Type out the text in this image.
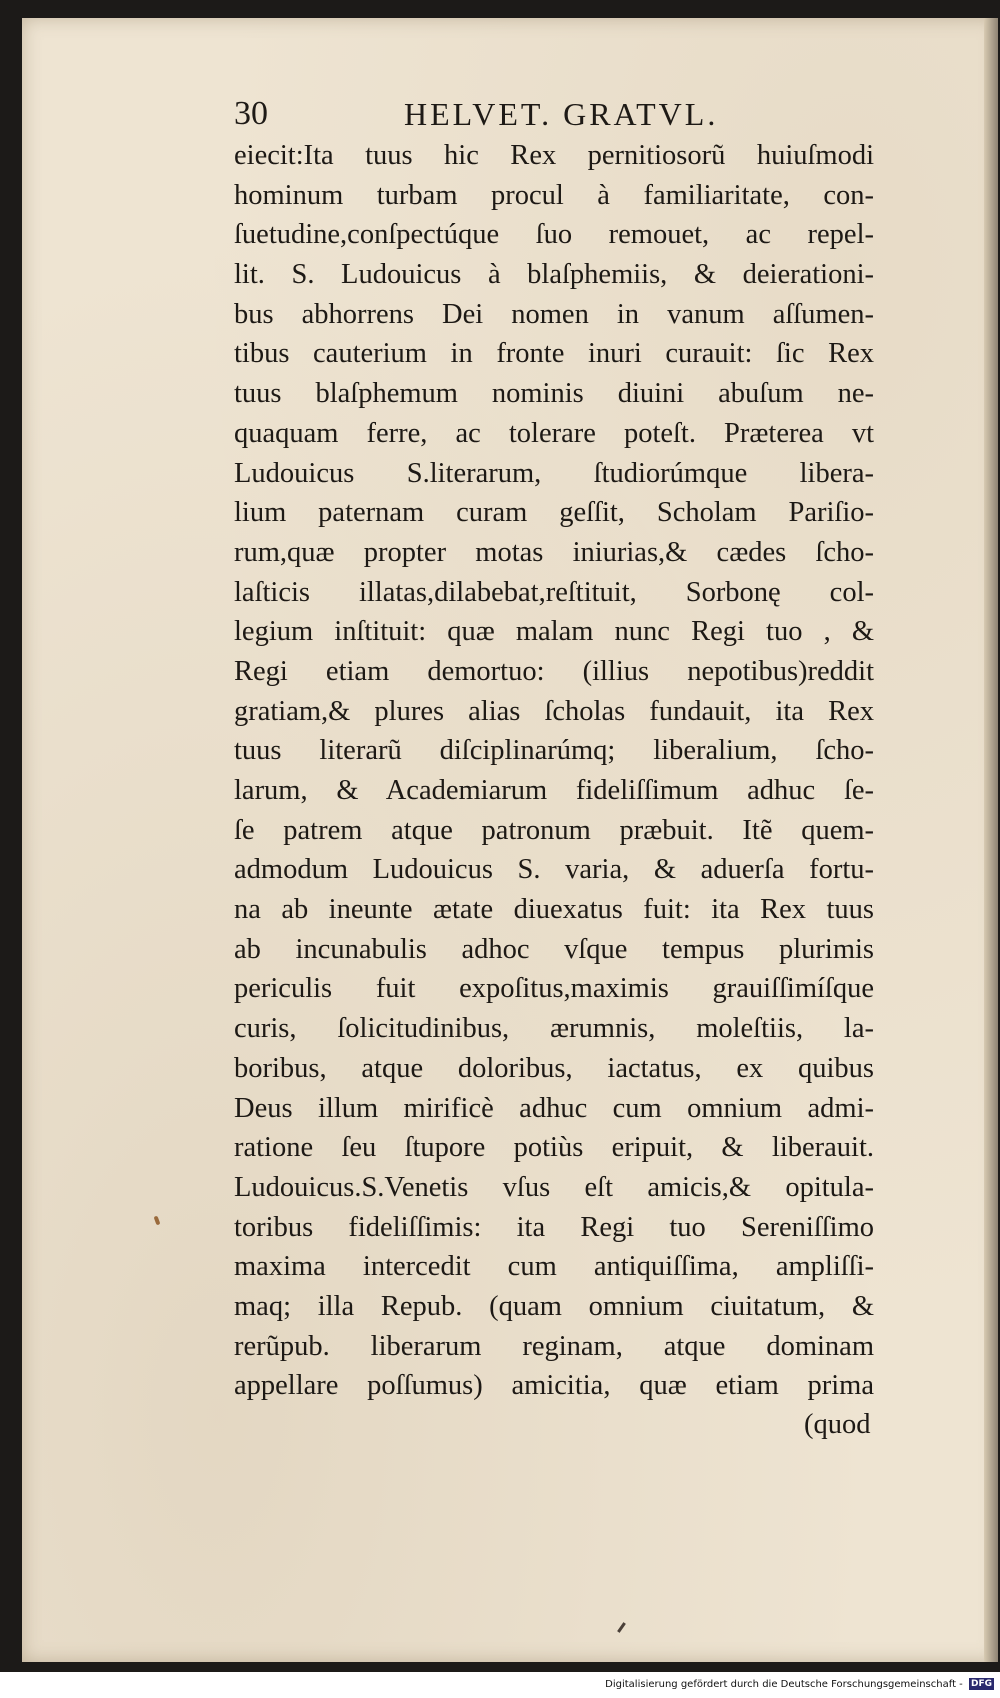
30	HELVET. GRATVL.
eiecit:Ita tuus hic Rex pernitiosorũ huiuſmodi
hominum turbam procul à familiaritate, con-
ſuetudine,conſpectúque ſuo remouet, ac repel-
lit. S. Ludouicus à blaſphemiis, & deierationi-
bus abhorrens Dei nomen in vanum aſſumen-
tibus cauterium in fronte inuri curauit: ſic Rex
tuus blaſphemum nominis diuini abuſum ne-
quaquam ferre, ac tolerare poteſt. Præterea vt
Ludouicus S.literarum, ſtudiorúmque libera-
lium paternam curam geſſit, Scholam Pariſio-
rum,quæ propter motas iniurias,& cædes ſcho-
laſticis illatas,dilabebat,reſtituit, Sorbonę col-
legium inſtituit: quæ malam nunc Regi tuo , &
Regi etiam demortuo: (illius nepotibus)reddit
gratiam,& plures alias ſcholas fundauit, ita Rex
tuus literarũ diſciplinarúmq; liberalium, ſcho-
larum, & Academiarum fideliſſimum adhuc ſe-
ſe patrem atque patronum præbuit. Itẽ quem-
admodum Ludouicus S. varia, & aduerſa fortu-
na ab ineunte ætate diuexatus fuit: ita Rex tuus
ab incunabulis adhoc vſque tempus plurimis
periculis fuit expoſitus,maximis grauiſſimíſque
curis, ſolicitudinibus, ærumnis, moleſtiis, la-
boribus, atque doloribus, iactatus, ex quibus
Deus illum mirificè adhuc cum omnium admi-
ratione ſeu ſtupore potiùs eripuit, & liberauit.
Ludouicus.S.Venetis vſus eſt amicis,& opitula-
toribus fideliſſimis: ita Regi tuo Sereniſſimo
maxima intercedit cum antiquiſſima, ampliſſi-
maq; illa Repub. (quam omnium ciuitatum, &
rerũpub. liberarum reginam, atque dominam
appellare poſſumus) amicitia, quæ etiam prima
(quod
Digitalisierung gefördert durch die Deutsche Forschungsgemeinschaft - DFG
